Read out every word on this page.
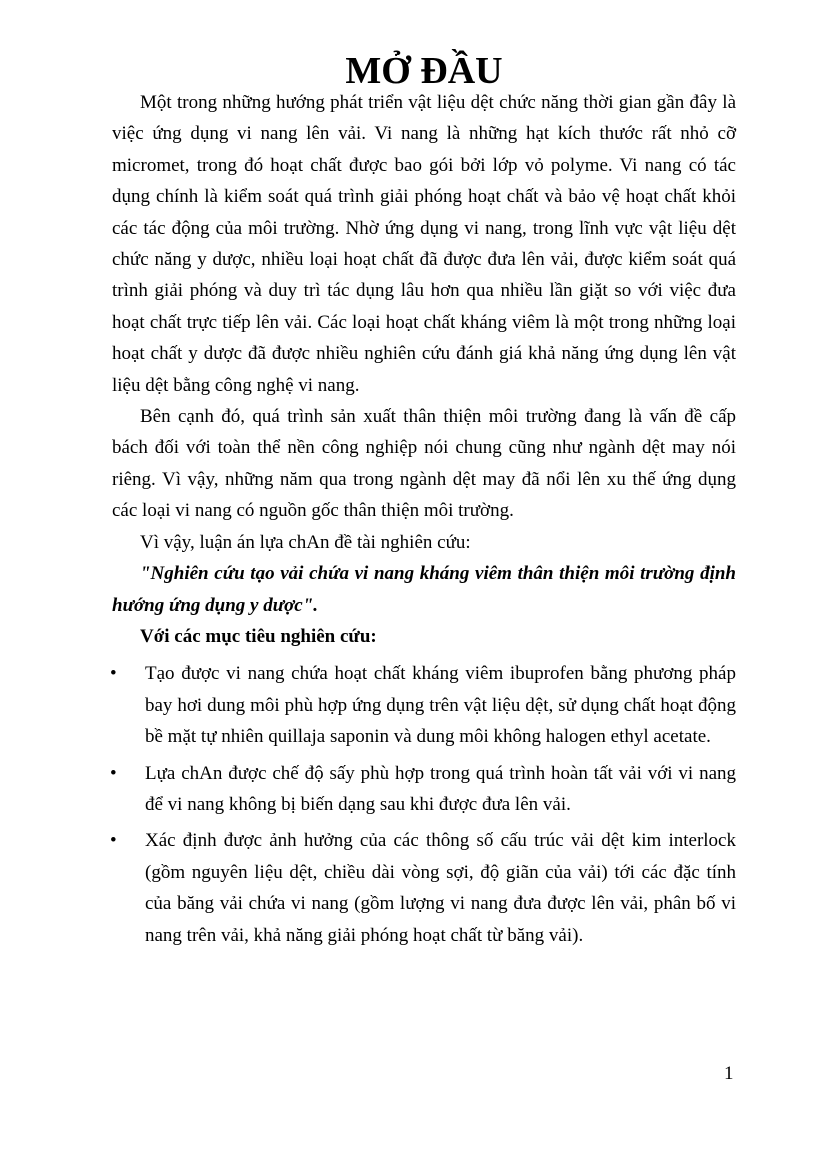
MỞ ĐẦU

Một trong những hướng phát triển vật liệu dệt chức năng thời gian gần đây là việc ứng dụng vi nang lên vải. Vi nang là những hạt kích thước rất nhỏ cỡ micromet, trong đó hoạt chất được bao gói bởi lớp vỏ polyme. Vi nang có tác dụng chính là kiểm soát quá trình giải phóng hoạt chất và bảo vệ hoạt chất khỏi các tác động của môi trường. Nhờ ứng dụng vi nang, trong lĩnh vực vật liệu dệt chức năng y dược, nhiều loại hoạt chất đã được đưa lên vải, được kiểm soát quá trình giải phóng và duy trì tác dụng lâu hơn qua nhiều lần giặt so với việc đưa hoạt chất trực tiếp lên vải. Các loại hoạt chất kháng viêm là một trong những loại hoạt chất y dược đã được nhiều nghiên cứu đánh giá khả năng ứng dụng lên vật liệu dệt bằng công nghệ vi nang.

Bên cạnh đó, quá trình sản xuất thân thiện môi trường đang là vấn đề cấp bách đối với toàn thể nền công nghiệp nói chung cũng như ngành dệt may nói riêng. Vì vậy, những năm qua trong ngành dệt may đã nổi lên xu thế ứng dụng các loại vi nang có nguồn gốc thân thiện môi trường.

Vì vậy, luận án lựa chAn đề tài nghiên cứu:

"Nghiên cứu tạo vải chứa vi nang kháng viêm thân thiện môi trường định hướng ứng dụng y dược".

Với các mục tiêu nghiên cứu:

• Tạo được vi nang chứa hoạt chất kháng viêm ibuprofen bằng phương pháp bay hơi dung môi phù hợp ứng dụng trên vật liệu dệt, sử dụng chất hoạt động bề mặt tự nhiên quillaja saponin và dung môi không halogen ethyl acetate.
• Lựa chAn được chế độ sấy phù hợp trong quá trình hoàn tất vải với vi nang để vi nang không bị biến dạng sau khi được đưa lên vải.
• Xác định được ảnh hưởng của các thông số cấu trúc vải dệt kim interlock (gồm nguyên liệu dệt, chiều dài vòng sợi, độ giãn của vải) tới các đặc tính của băng vải chứa vi nang (gồm lượng vi nang đưa được lên vải, phân bố vi nang trên vải, khả năng giải phóng hoạt chất từ băng vải).
1
